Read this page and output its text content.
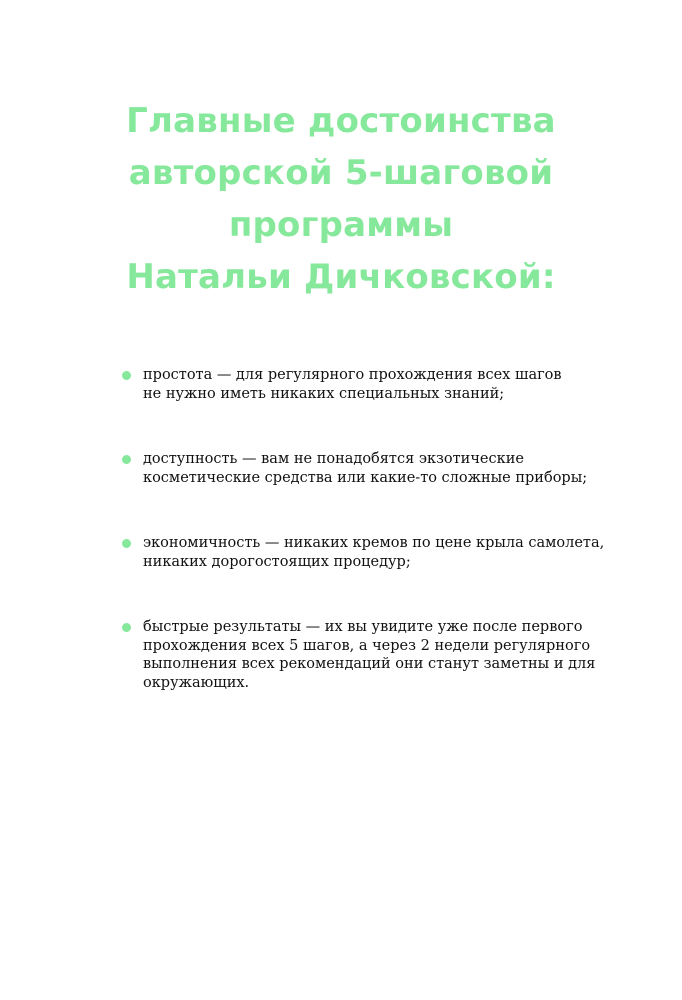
Главные достоинства
авторской 5-шаговой
программы
Натальи Дичковской:
простота — для регулярного прохождения всех шагов
не нужно иметь никаких специальных знаний;
доступность — вам не понадобятся экзотические
косметические средства или какие-то сложные приборы;
экономичность — никаких кремов по цене крыла самолета,
никаких дорогостоящих процедур;
быстрые результаты — их вы увидите уже после первого
прохождения всех 5 шагов, а через 2 недели регулярного
выполнения всех рекомендаций они станут заметны и для
окружающих.
